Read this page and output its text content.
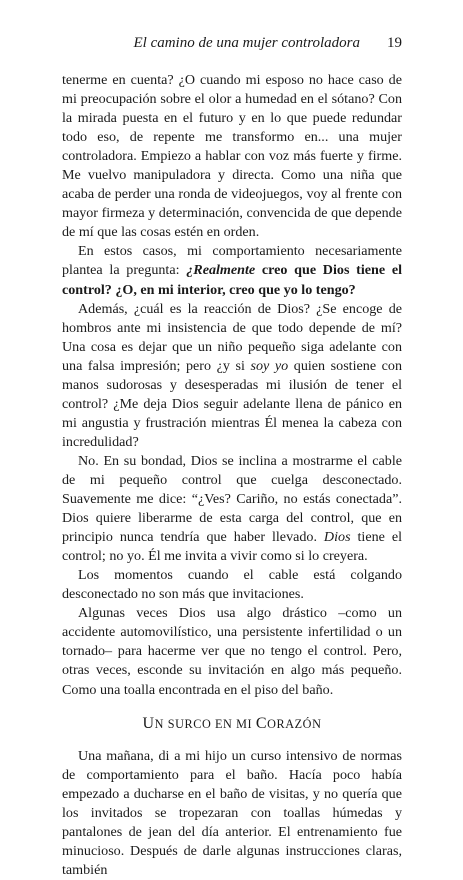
El camino de una mujer controladora 19

tenerme en cuenta? ¿O cuando mi esposo no hace caso de mi preocupación sobre el olor a humedad en el sótano? Con la mirada puesta en el futuro y en lo que puede redundar todo eso, de repente me transformo en... una mujer controladora. Empiezo a hablar con voz más fuerte y firme. Me vuelvo manipuladora y directa. Como una niña que acaba de perder una ronda de videojuegos, voy al frente con mayor firmeza y determinación, convencida de que depende de mí que las cosas estén en orden.

En estos casos, mi comportamiento necesariamente plantea la pregunta: ¿Realmente creo que Dios tiene el control? ¿O, en mi interior, creo que yo lo tengo?

Además, ¿cuál es la reacción de Dios? ¿Se encoge de hombros ante mi insistencia de que todo depende de mí? Una cosa es dejar que un niño pequeño siga adelante con una falsa impresión; pero ¿y si soy yo quien sostiene con manos sudorosas y desesperadas mi ilusión de tener el control? ¿Me deja Dios seguir adelante llena de pánico en mi angustia y frustración mientras Él menea la cabeza con incredulidad?

No. En su bondad, Dios se inclina a mostrarme el cable de mi pequeño control que cuelga desconectado. Suavemente me dice: “¿Ves? Cariño, no estás conectada”. Dios quiere liberarme de esta carga del control, que en principio nunca tendría que haber llevado. Dios tiene el control; no yo. Él me invita a vivir como si lo creyera.

Los momentos cuando el cable está colgando desconectado no son más que invitaciones.

Algunas veces Dios usa algo drástico –como un accidente automovilístico, una persistente infertilidad o un tornado– para hacerme ver que no tengo el control. Pero, otras veces, esconde su invitación en algo más pequeño. Como una toalla encontrada en el piso del baño.

UN SURCO EN MI CORAZÓN

Una mañana, di a mi hijo un curso intensivo de normas de comportamiento para el baño. Hacía poco había empezado a ducharse en el baño de visitas, y no quería que los invitados se tropezaran con toallas húmedas y pantalones de jean del día anterior. El entrenamiento fue minucioso. Después de darle algunas instrucciones claras, también
